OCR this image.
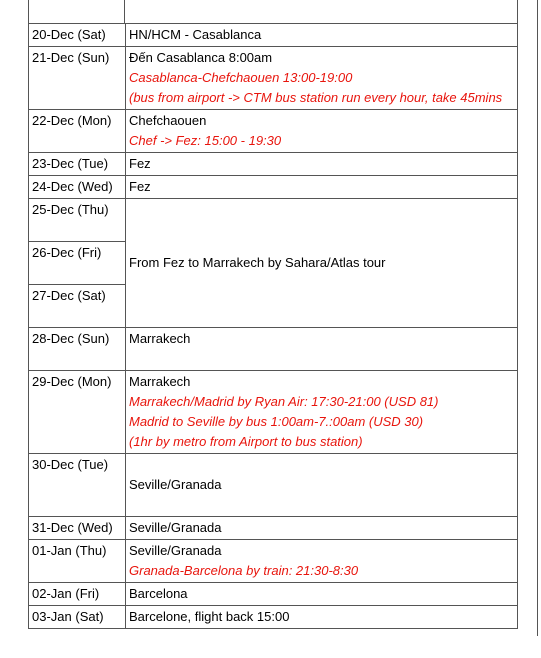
20-Dec (Sat)	HN/HCM - Casablanca

21-Dec (Sun)	Đến Casablanca 8:00am
Casablanca-Chefchaouen 13:00-19:00
(bus from airport -> CTM bus station run every hour, take 45mins

22-Dec (Mon)	Chefchaouen
Chef -> Fez: 15:00 - 19:30

23-Dec (Tue)	Fez

24-Dec (Wed)	Fez

25-Dec (Thu)	From Fez to Marrakech by Sahara/Atlas tour

26-Dec (Fri)	
27-Dec (Sat)	
28-Dec (Sun)	Marrakech

29-Dec (Mon)	Marrakech
Marrakech/Madrid by Ryan Air: 17:30-21:00 (USD 81)
Madrid to Seville by bus 1:00am-7.:00am (USD 30)
(1hr by metro from Airport to bus station)

30-Dec (Tue)	Seville/Granada

31-Dec (Wed)	Seville/Granada

01-Jan (Thu)	Seville/Granada
Granada-Barcelona by train: 21:30-8:30

02-Jan (Fri)	Barcelona

03-Jan (Sat)	Barcelone, flight back 15:00
